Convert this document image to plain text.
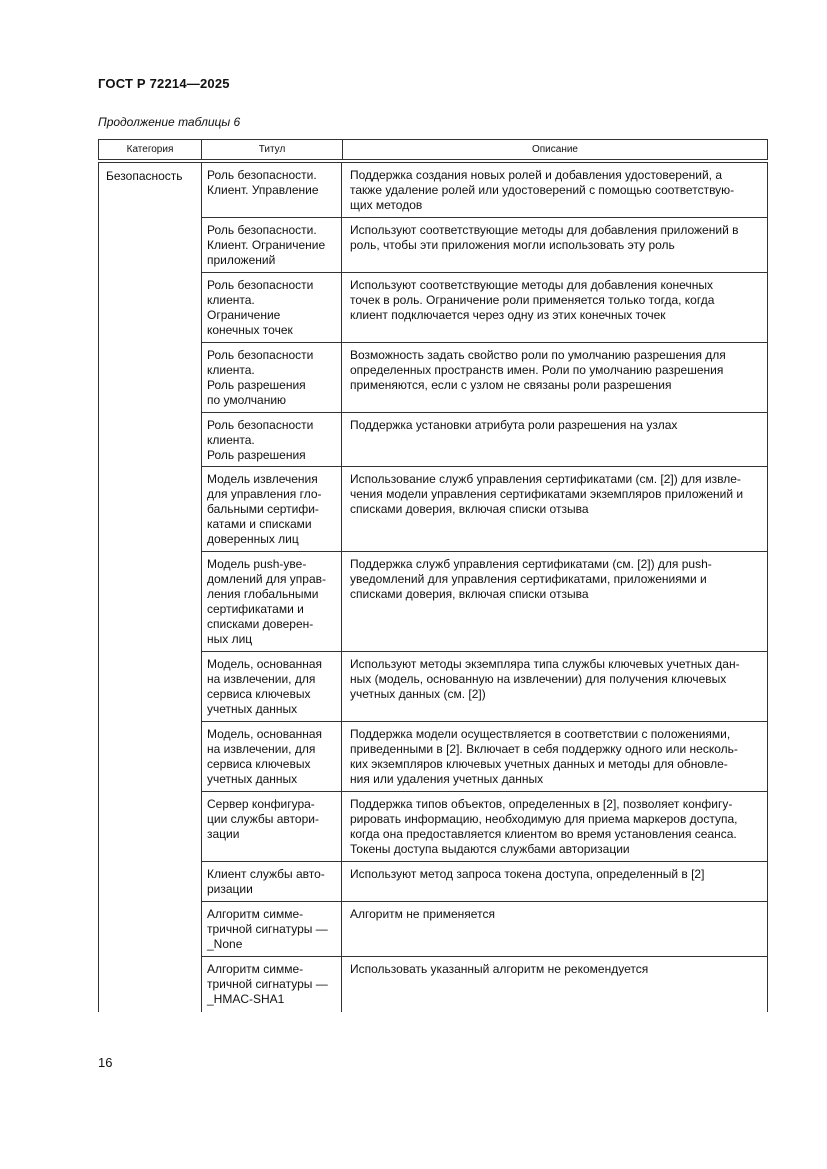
ГОСТ Р 72214—2025
Продолжение таблицы 6
Категория	Титул	Описание
Безопасность Роль безопасности.
Клиент. Управление
Поддержка создания новых ролей и добавления удостоверений, а
также удаление ролей или удостоверений с помощью соответствую-
щих методов
Роль безопасности.
Клиент. Ограничение
приложений
Используют соответствующие методы для добавления приложений в
роль, чтобы эти приложения могли использовать эту роль
Роль безопасности
клиента.
Ограничение
конечных точек
Используют соответствующие методы для добавления конечных
точек в роль. Ограничение роли применяется только тогда, когда
клиент подключается через одну из этих конечных точек
Роль безопасности
клиента.
Роль разрешения
по умолчанию
Возможность задать свойство роли по умолчанию разрешения для
определенных пространств имен. Роли по умолчанию разрешения
применяются, если с узлом не связаны роли разрешения
Роль безопасности
клиента.
Роль разрешения
Поддержка установки атрибута роли разрешения на узлах
Модель извлечения
для управления гло-
бальными сертифи-
катами и списками
доверенных лиц
Использование служб управления сертификатами (см. [2]) для извле-
чения модели управления сертификатами экземпляров приложений и
списками доверия, включая списки отзыва
Модель push-уве-
домлений для управ-
ления глобальными
сертификатами и
списками доверен-
ных лиц
Поддержка служб управления сертификатами (см. [2]) для push-
уведомлений для управления сертификатами, приложениями и
списками доверия, включая списки отзыва
Модель, основанная
на извлечении, для
сервиса ключевых
учетных данных
Используют методы экземпляра типа службы ключевых учетных дан-
ных (модель, основанную на извлечении) для получения ключевых
учетных данных (см. [2])
Модель, основанная
на извлечении, для
сервиса ключевых
учетных данных
Поддержка модели осуществляется в соответствии с положениями,
приведенными в [2]. Включает в себя поддержку одного или несколь-
ких экземпляров ключевых учетных данных и методы для обновле-
ния или удаления учетных данных
Сервер конфигура-
ции службы автори-
зации
Поддержка типов объектов, определенных в [2], позволяет конфигу-
рировать информацию, необходимую для приема маркеров доступа,
когда она предоставляется клиентом во время установления сеанса.
Токены доступа выдаются службами авторизации
Клиент службы авто-
ризации
Используют метод запроса токена доступа, определенный в [2]
Алгоритм симме-
тричной сигнатуры —
_None
Алгоритм не применяется
Алгоритм симме-
тричной сигнатуры —
_HMAC-SHA1
Использовать указанный алгоритм не рекомендуется
16
